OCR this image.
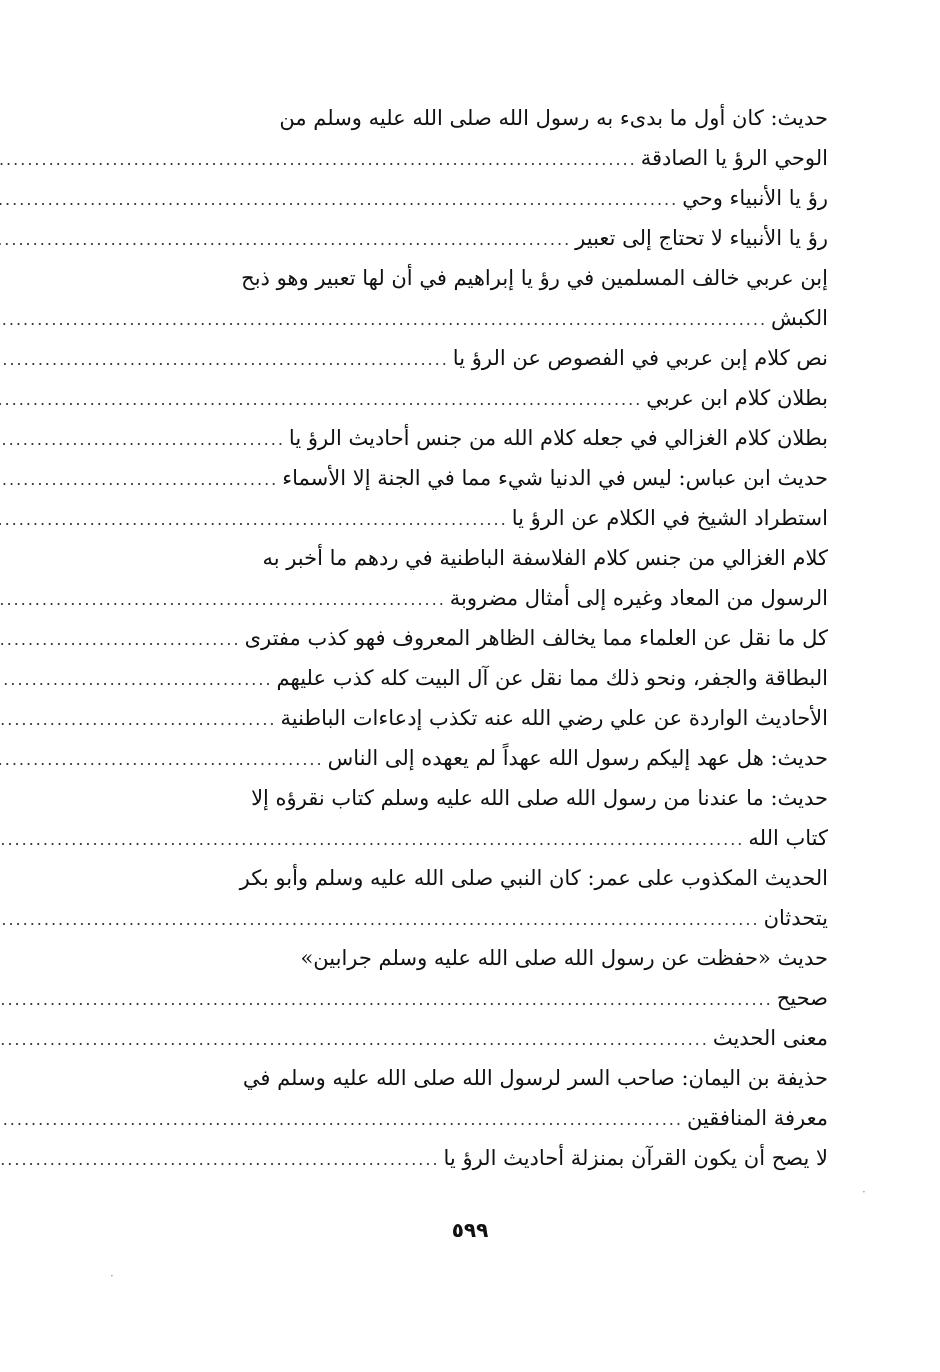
حديث: كان أول ما بدىء به رسول الله صلى الله عليه وسلم من
الوحي الرؤ يا الصادقة
.....
رؤ يا الأنبياء وحي
.....
رؤ يا الأنبياء لا تحتاج إلى تعبير
.....
إبن عربي خالف المسلمين في رؤ يا إبراهيم في أن لها تعبير وهو ذبح
الكبش
.....
نص كلام إبن عربي في الفصوص عن الرؤ يا
.....
بطلان كلام ابن عربي
.....
بطلان كلام الغزالي في جعله كلام الله من جنس أحاديث الرؤ يا
.....
حديث ابن عباس: ليس في الدنيا شيء مما في الجنة إلا الأسماء
.....
استطراد الشيخ في الكلام عن الرؤ يا
.....
كلام الغزالي من جنس كلام الفلاسفة الباطنية في ردهم ما أخبر به
الرسول من المعاد وغيره إلى أمثال مضروبة
.....
كل ما نقل عن العلماء مما يخالف الظاهر المعروف فهو كذب مفترى
.....
البطاقة والجفر، ونحو ذلك مما نقل عن آل البيت كله كذب عليهم
.....
الأحاديث الواردة عن علي رضي الله عنه تكذب إدعاءات الباطنية
.....
حديث: هل عهد إليكم رسول الله عهداً لم يعهده إلى الناس
.....
حديث: ما عندنا من رسول الله صلى الله عليه وسلم كتاب نقرؤه إلا
كتاب الله
.....
الحديث المكذوب على عمر: كان النبي صلى الله عليه وسلم وأبو بكر
يتحدثان
.....
حديث «حفظت عن رسول الله صلى الله عليه وسلم جرابين»
صحيح
.....
معنى الحديث
.....
حذيفة بن اليمان: صاحب السر لرسول الله صلى الله عليه وسلم في
معرفة المنافقين
.....
لا يصح أن يكون القرآن بمنزلة أحاديث الرؤ يا
.....
٥٩٩
·
·
